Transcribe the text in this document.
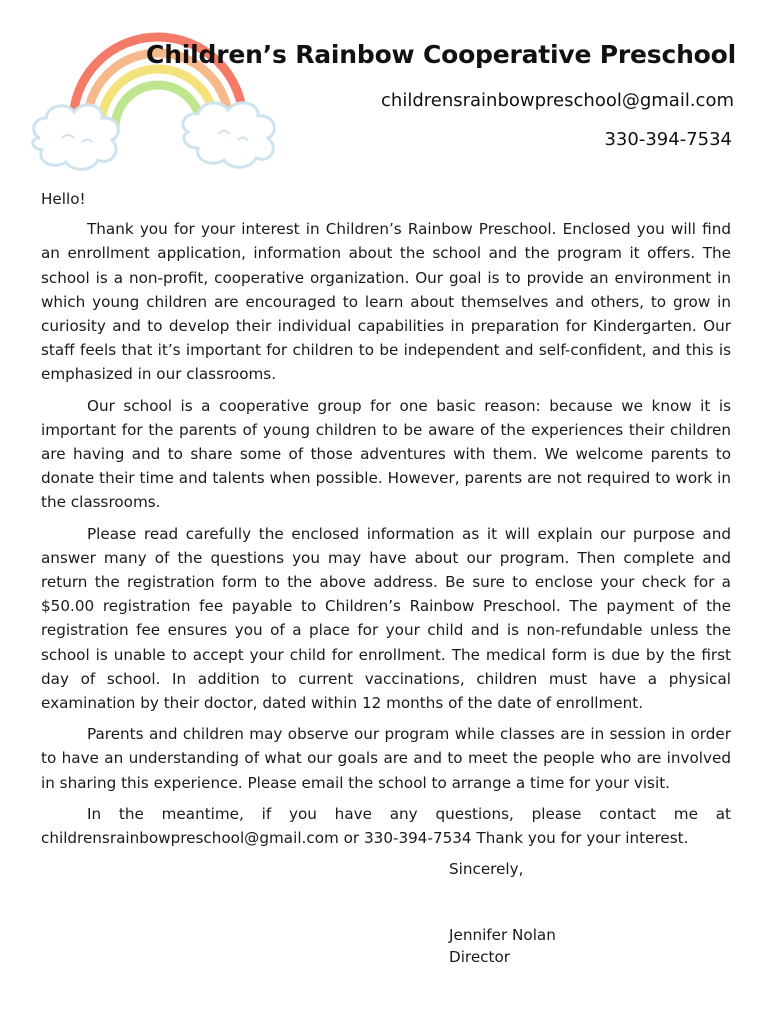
Children’s Rainbow Cooperative Preschool
childrensrainbowpreschool@gmail.com
330-394-7534

Hello!

Thank you for your interest in Children’s Rainbow Preschool. Enclosed you will find an enrollment application, information about the school and the program it offers. The school is a non-profit, cooperative organization. Our goal is to provide an environment in which young children are encouraged to learn about themselves and others, to grow in curiosity and to develop their individual capabilities in preparation for Kindergarten. Our staff feels that it’s important for children to be independent and self-confident, and this is emphasized in our classrooms.

Our school is a cooperative group for one basic reason: because we know it is important for the parents of young children to be aware of the experiences their children are having and to share some of those adventures with them. We welcome parents to donate their time and talents when possible. However, parents are not required to work in the classrooms.

Please read carefully the enclosed information as it will explain our purpose and answer many of the questions you may have about our program. Then complete and return the registration form to the above address. Be sure to enclose your check for a $50.00 registration fee payable to Children’s Rainbow Preschool. The payment of the registration fee ensures you of a place for your child and is non-refundable unless the school is unable to accept your child for enrollment. The medical form is due by the first day of school. In addition to current vaccinations, children must have a physical examination by their doctor, dated within 12 months of the date of enrollment.

Parents and children may observe our program while classes are in session in order to have an understanding of what our goals are and to meet the people who are involved in sharing this experience. Please email the school to arrange a time for your visit.

In the meantime, if you have any questions, please contact me at childrensrainbowpreschool@gmail.com or 330-394-7534 Thank you for your interest.

Sincerely,
Jennifer Nolan
Director
